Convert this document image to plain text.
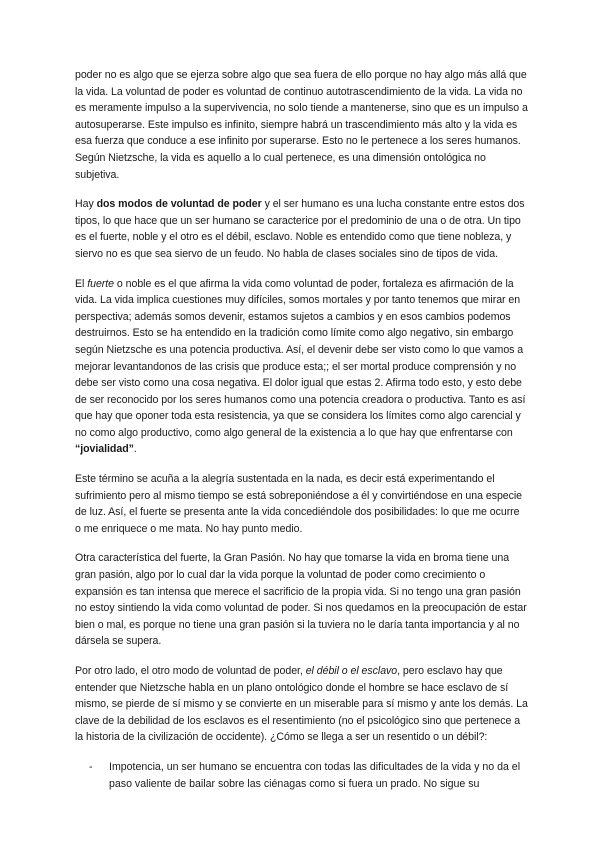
poder no es algo que se ejerza sobre algo que sea fuera de ello porque no hay algo más allá que la vida. La voluntad de poder es voluntad de continuo autotrascendimiento de la vida. La vida no es meramente impulso a la supervivencia, no solo tiende a mantenerse, sino que es un impulso a autosuperarse. Este impulso es infinito, siempre habrá un trascendimiento más alto y la vida es esa fuerza que conduce a ese infinito por superarse. Esto no le pertenece a los seres humanos. Según Nietzsche, la vida es aquello a lo cual pertenece, es una dimensión ontológica no subjetiva.

Hay dos modos de voluntad de poder y el ser humano es una lucha constante entre estos dos tipos, lo que hace que un ser humano se caracterice por el predominio de una o de otra. Un tipo es el fuerte, noble y el otro es el débil, esclavo. Noble es entendido como que tiene nobleza, y siervo no es que sea siervo de un feudo. No habla de clases sociales sino de tipos de vida.

El fuerte o noble es el que afirma la vida como voluntad de poder, fortaleza es afirmación de la vida. La vida implica cuestiones muy difíciles, somos mortales y por tanto tenemos que mirar en perspectiva; además somos devenir, estamos sujetos a cambios y en esos cambios podemos destruirnos. Esto se ha entendido en la tradición como límite como algo negativo, sin embargo según Nietzsche es una potencia productiva. Así, el devenir debe ser visto como lo que vamos a mejorar levantandonos de las crisis que produce esta;; el ser mortal produce comprensión y no debe ser visto como una cosa negativa. El dolor igual que estas 2. Afirma todo esto, y esto debe de ser reconocido por los seres humanos como una potencia creadora o productiva. Tanto es así que hay que oponer toda esta resistencia, ya que se considera los límites como algo carencial y no como algo productivo, como algo general de la existencia a lo que hay que enfrentarse con “jovialidad”.

Este término se acuña a la alegría sustentada en la nada, es decir está experimentando el sufrimiento pero al mismo tiempo se está sobreponiéndose a él y convirtiéndose en una especie de luz. Así, el fuerte se presenta ante la vida concediéndole dos posibilidades: lo que me ocurre o me enriquece o me mata. No hay punto medio.

Otra característica del fuerte, la Gran Pasión. No hay que tomarse la vida en broma tiene una gran pasión, algo por lo cual dar la vida porque la voluntad de poder como crecimiento o expansión es tan intensa que merece el sacrificio de la propia vida. Si no tengo una gran pasión no estoy sintiendo la vida como voluntad de poder. Si nos quedamos en la preocupación de estar bien o mal, es porque no tiene una gran pasión si la tuviera no le daría tanta importancia y al no dársela se supera.

Por otro lado, el otro modo de voluntad de poder, el débil o el esclavo, pero esclavo hay que entender que Nietzsche habla en un plano ontológico donde el hombre se hace esclavo de sí mismo, se pierde de sí mismo y se convierte en un miserable para sí mismo y ante los demás. La clave de la debilidad de los esclavos es el resentimiento (no el psicológico sino que pertenece a la historia de la civilización de occidente). ¿Cómo se llega a ser un resentido o un débil?:

-	Impotencia, un ser humano se encuentra con todas las dificultades de la vida y no da el paso valiente de bailar sobre las ciénagas como si fuera un prado. No sigue su
